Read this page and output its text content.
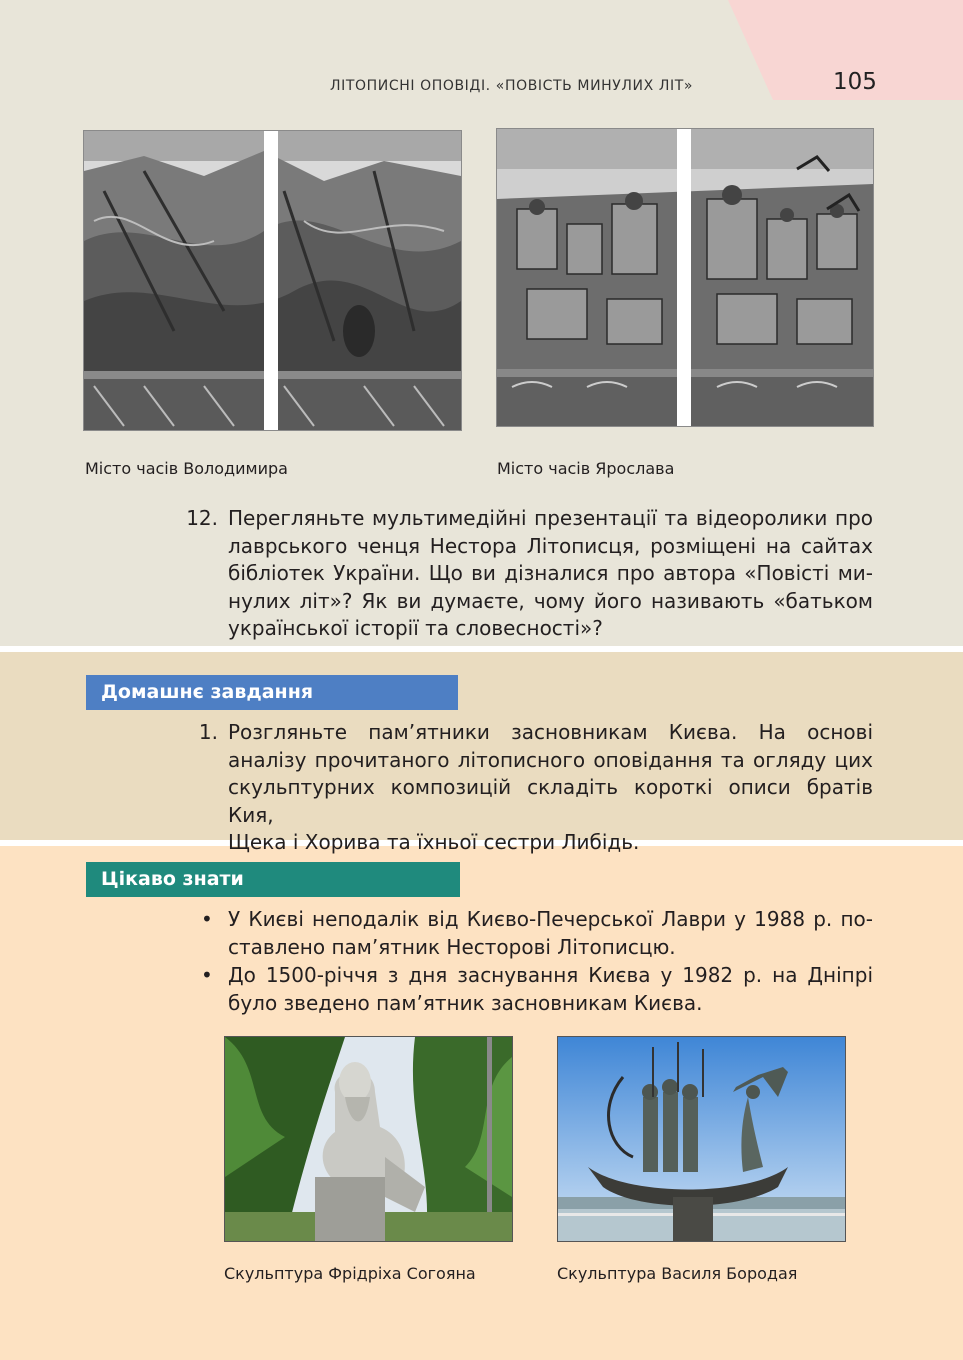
ЛІТОПИСНІ ОПОВІДІ. «ПОВІСТЬ МИНУЛИХ ЛІТ»	105
Місто часів Володимира	Місто часів Ярослава
12. Перегляньте мультимедійні презентації та відеоролики про
лаврського ченця Нестора Літописця, розміщені на сайтах
бібліотек України. Що ви дізналися про автора «Повісті ми-
нулих літ»? Як ви думаєте, чому його називають «батьком
української історії та словесності»?
Домашнє завдання
1. Розгляньте пам’ятники засновникам Києва. На основі
аналізу прочитаного літописного оповідання та огляду цих
скульптурних композицій складіть короткі описи братів Кия,
Щека і Хорива та їхньої сестри Либідь.
Цікаво знати
• У Києві неподалік від Києво-Печерської Лаври у 1988 р. по-
ставлено пам’ятник Несторові Літописцю.
• До 1500-річчя з дня заснування Києва у 1982 р. на Дніпрі
було зведено пам’ятник засновникам Києва.
Скульптура Фрідріха Согояна	Скульптура Василя Бородая
